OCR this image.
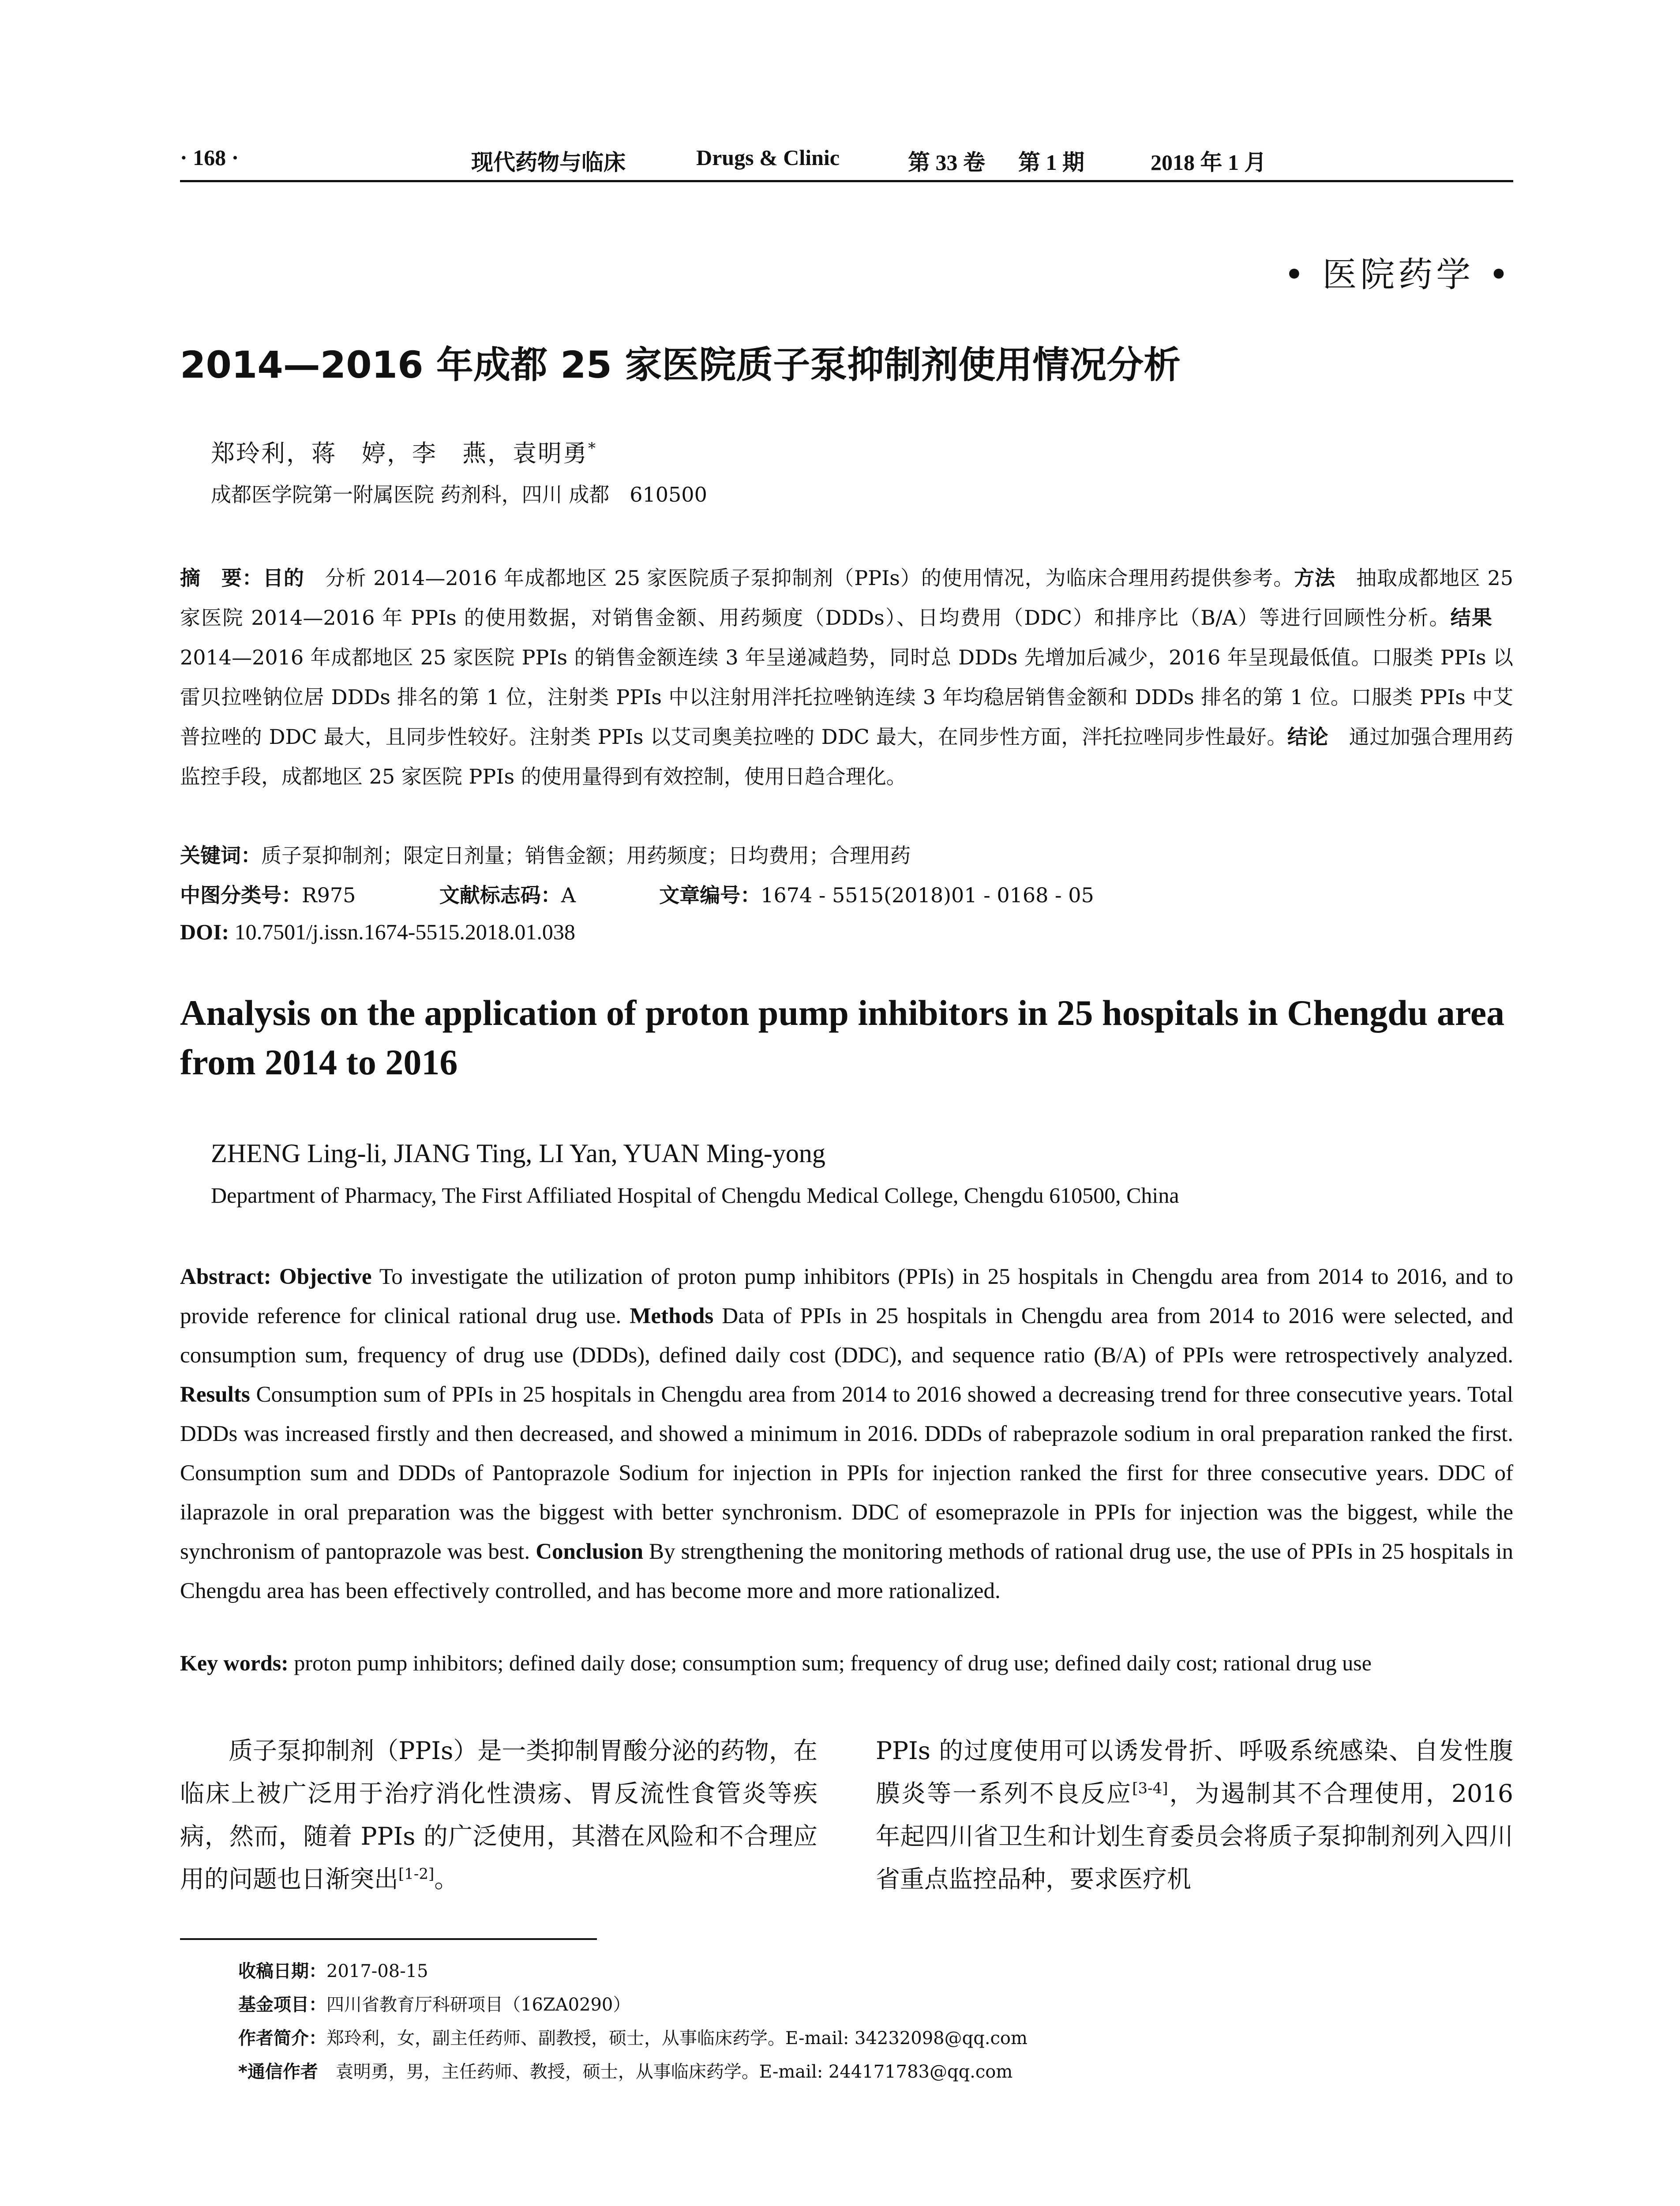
· 168 ·	现代药物与临床	Drugs & Clinic	第 33 卷 第 1 期	2018 年 1 月
• 医院药学 •
2014—2016 年成都 25 家医院质子泵抑制剂使用情况分析
郑玲利，蒋　婷，李　燕，袁明勇*
成都医学院第一附属医院 药剂科，四川 成都　610500
摘　要：目的　分析 2014—2016 年成都地区 25 家医院质子泵抑制剂（PPIs）的使用情况，为临床合理用药提供参考。方法　抽取成都地区 25 家医院 2014—2016 年 PPIs 的使用数据，对销售金额、用药频度（DDDs）、日均费用（DDC）和排序比（B/A）等进行回顾性分析。结果　2014—2016 年成都地区 25 家医院 PPIs 的销售金额连续 3 年呈递减趋势，同时总 DDDs 先增加后减少，2016 年呈现最低值。口服类 PPIs 以雷贝拉唑钠位居 DDDs 排名的第 1 位，注射类 PPIs 中以注射用泮托拉唑钠连续 3 年均稳居销售金额和 DDDs 排名的第 1 位。口服类 PPIs 中艾普拉唑的 DDC 最大，且同步性较好。注射类 PPIs 以艾司奥美拉唑的 DDC 最大，在同步性方面，泮托拉唑同步性最好。结论　通过加强合理用药监控手段，成都地区 25 家医院 PPIs 的使用量得到有效控制，使用日趋合理化。
关键词：质子泵抑制剂；限定日剂量；销售金额；用药频度；日均费用；合理用药
中图分类号：R975	文献标志码：A	文章编号：1674 - 5515(2018)01 - 0168 - 05
DOI: 10.7501/j.issn.1674-5515.2018.01.038
Analysis on the application of proton pump inhibitors in 25 hospitals in Chengdu area from 2014 to 2016
ZHENG Ling-li, JIANG Ting, LI Yan, YUAN Ming-yong
Department of Pharmacy, The First Affiliated Hospital of Chengdu Medical College, Chengdu 610500, China
Abstract: Objective To investigate the utilization of proton pump inhibitors (PPIs) in 25 hospitals in Chengdu area from 2014 to 2016, and to provide reference for clinical rational drug use. Methods Data of PPIs in 25 hospitals in Chengdu area from 2014 to 2016 were selected, and consumption sum, frequency of drug use (DDDs), defined daily cost (DDC), and sequence ratio (B/A) of PPIs were retrospectively analyzed. Results Consumption sum of PPIs in 25 hospitals in Chengdu area from 2014 to 2016 showed a decreasing trend for three consecutive years. Total DDDs was increased firstly and then decreased, and showed a minimum in 2016. DDDs of rabeprazole sodium in oral preparation ranked the first. Consumption sum and DDDs of Pantoprazole Sodium for injection in PPIs for injection ranked the first for three consecutive years. DDC of ilaprazole in oral preparation was the biggest with better synchronism. DDC of esomeprazole in PPIs for injection was the biggest, while the synchronism of pantoprazole was best. Conclusion By strengthening the monitoring methods of rational drug use, the use of PPIs in 25 hospitals in Chengdu area has been effectively controlled, and has become more and more rationalized.
Key words: proton pump inhibitors; defined daily dose; consumption sum; frequency of drug use; defined daily cost; rational drug use

质子泵抑制剂（PPIs）是一类抑制胃酸分泌的药物，在临床上被广泛用于治疗消化性溃疡、胃反流性食管炎等疾病，然而，随着 PPIs 的广泛使用，其潜在风险和不合理应用的问题也日渐突出[1-2]。

PPIs 的过度使用可以诱发骨折、呼吸系统感染、自发性腹膜炎等一系列不良反应[3-4]，为遏制其不合理使用，2016 年起四川省卫生和计划生育委员会将质子泵抑制剂列入四川省重点监控品种，要求医疗机

收稿日期：2017-08-15
基金项目：四川省教育厅科研项目（16ZA0290）
作者简介：郑玲利，女，副主任药师、副教授，硕士，从事临床药学。E-mail: 34232098@qq.com
*通信作者　袁明勇，男，主任药师、教授，硕士，从事临床药学。E-mail: 244171783@qq.com
